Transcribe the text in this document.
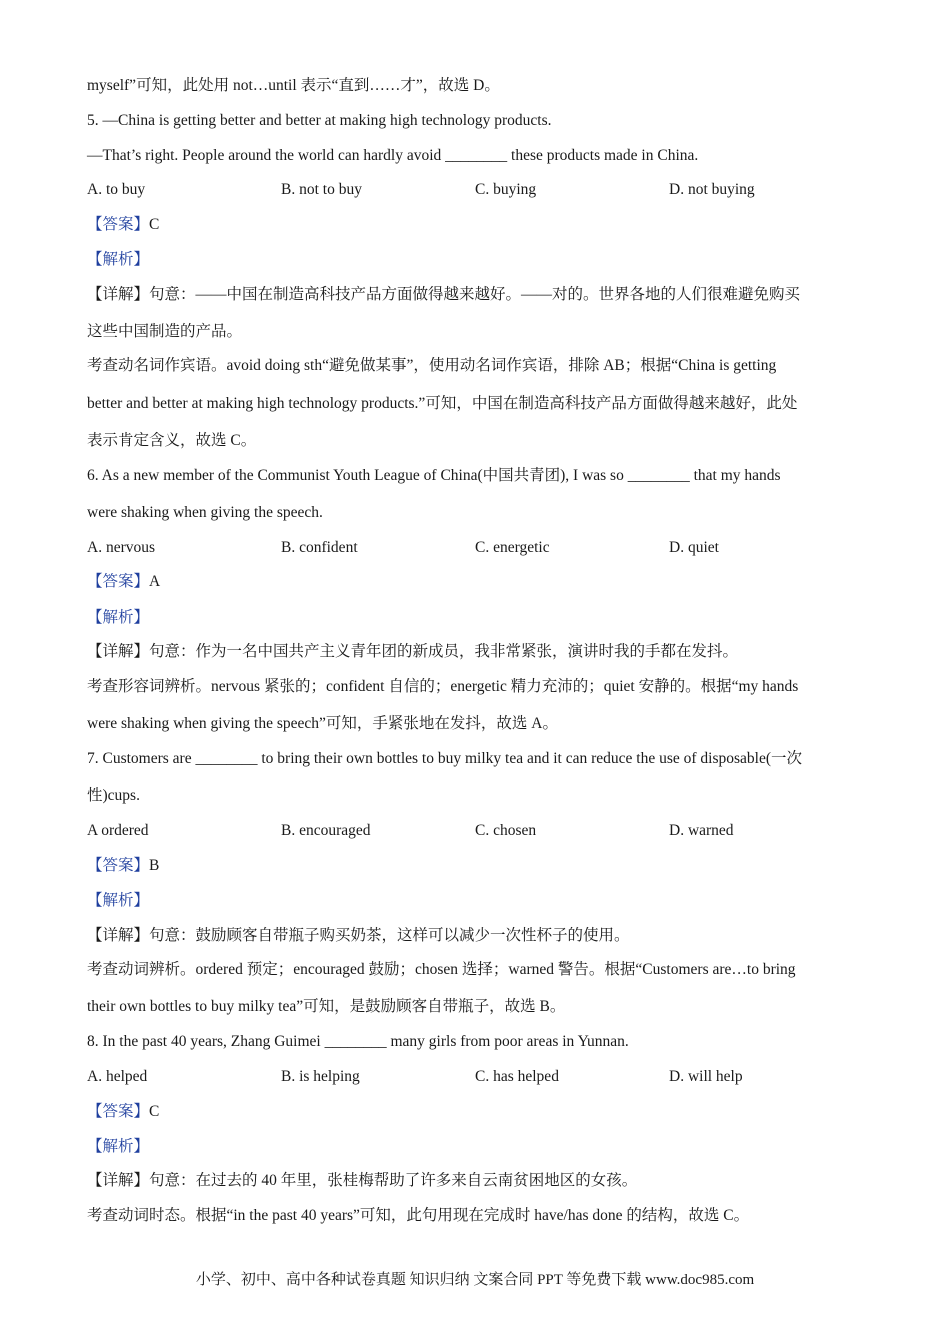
myself”可知，此处用 not…until 表示“直到……才”，故选 D。
5. —China is getting better and better at making high technology products.
—That’s right. People around the world can hardly avoid ________ these products made in China.
A. to buy	B. not to buy	C. buying	D. not buying
【答案】C
【解析】
【详解】句意：——中国在制造高科技产品方面做得越来越好。——对的。世界各地的人们很难避免购买
这些中国制造的产品。
考查动名词作宾语。avoid doing sth“避免做某事”，使用动名词作宾语，排除 AB；根据“China is getting
better and better at making high technology products.”可知，中国在制造高科技产品方面做得越来越好，此处
表示肯定含义，故选 C。
6. As a new member of the Communist Youth League of China(中国共青团), I was so ________ that my hands
were shaking when giving the speech.
A. nervous	B. confident	C. energetic	D. quiet
【答案】A
【解析】
【详解】句意：作为一名中国共产主义青年团的新成员，我非常紧张，演讲时我的手都在发抖。
考查形容词辨析。nervous 紧张的；confident 自信的；energetic 精力充沛的；quiet 安静的。根据“my hands
were shaking when giving the speech”可知，手紧张地在发抖，故选 A。
7. Customers are ________ to bring their own bottles to buy milky tea and it can reduce the use of disposable(一次
性)cups.
A ordered	B. encouraged	C. chosen	D. warned
【答案】B
【解析】
【详解】句意：鼓励顾客自带瓶子购买奶茶，这样可以减少一次性杯子的使用。
考查动词辨析。ordered 预定；encouraged 鼓励；chosen 选择；warned 警告。根据“Customers are…to bring
their own bottles to buy milky tea”可知，是鼓励顾客自带瓶子，故选 B。
8. In the past 40 years, Zhang Guimei ________ many girls from poor areas in Yunnan.
A. helped	B. is helping	C. has helped	D. will help
【答案】C
【解析】
【详解】句意：在过去的 40 年里，张桂梅帮助了许多来自云南贫困地区的女孩。
考查动词时态。根据“in the past 40 years”可知，此句用现在完成时 have/has done 的结构，故选 C。
小学、初中、高中各种试卷真题 知识归纳 文案合同 PPT 等免费下载 www.doc985.com
